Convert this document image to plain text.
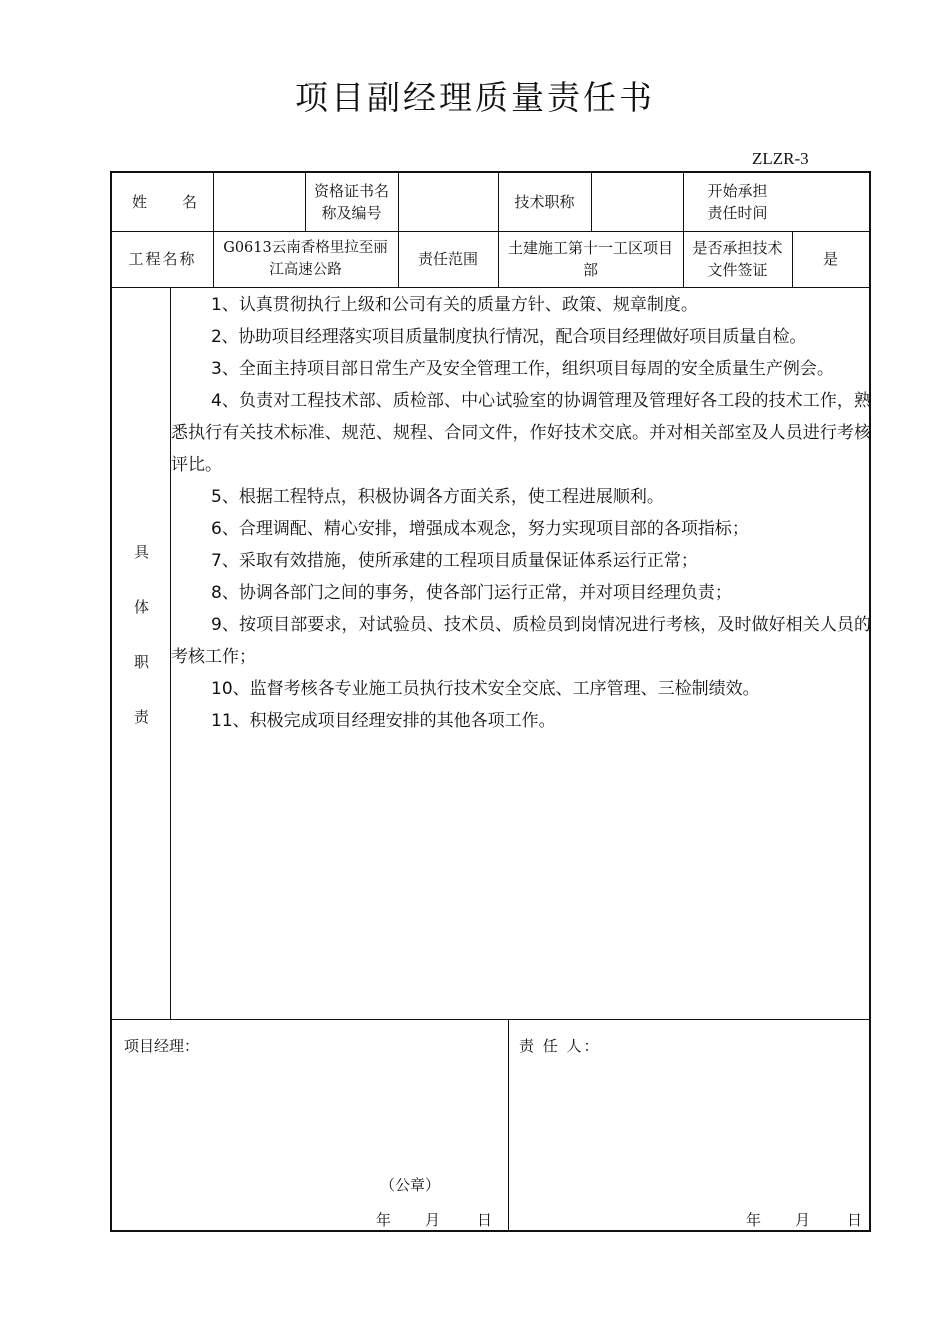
项目副经理质量责任书
ZLZR-3
姓 名
资格证书名称及编号
技术职称
开始承担责任时间
工程名称
G0613云南香格里拉至丽江高速公路
责任范围
土建施工第十一工区项目部
是否承担技术文件签证
是
具体职责

1、认真贯彻执行上级和公司有关的质量方针、政策、规章制度。

2、协助项目经理落实项目质量制度执行情况，配合项目经理做好项目质量自检。

3、全面主持项目部日常生产及安全管理工作，组织项目每周的安全质量生产例会。

4、负责对工程技术部、质检部、中心试验室的协调管理及管理好各工段的技术工作，熟悉执行有关技术标准、规范、规程、合同文件，作好技术交底。并对相关部室及人员进行考核评比。

5、根据工程特点，积极协调各方面关系，使工程进展顺利。

6、合理调配、精心安排，增强成本观念，努力实现项目部的各项指标；

7、采取有效措施，使所承建的工程项目质量保证体系运行正常；

8、协调各部门之间的事务，使各部门运行正常，并对项目经理负责；

9、按项目部要求，对试验员、技术员、质检员到岗情况进行考核，及时做好相关人员的考核工作；

10、监督考核各专业施工员执行技术安全交底、工序管理、三检制绩效。

11、积极完成项目经理安排的其他各项工作。

项目经理：
（公章）
年 月 日
责 任 人：
年 月 日
